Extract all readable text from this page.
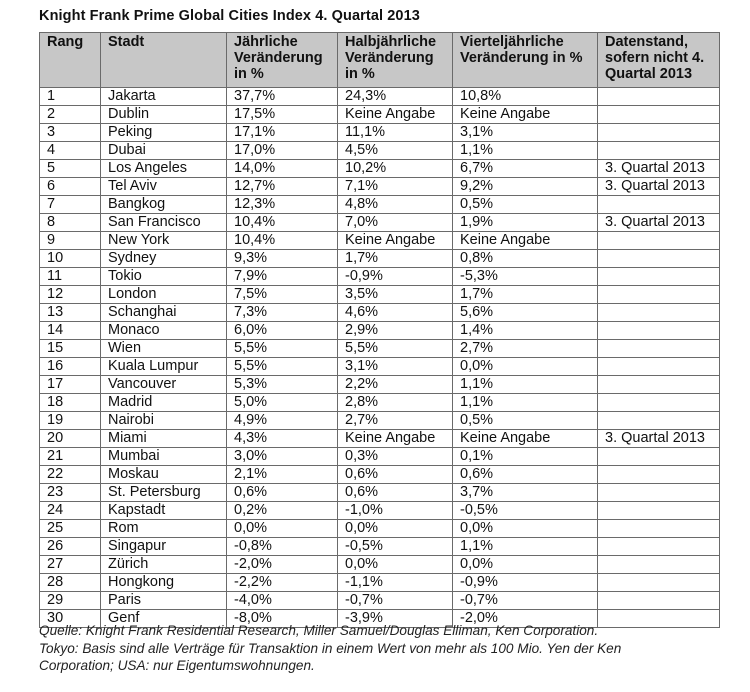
Knight Frank Prime Global Cities Index 4. Quartal 2013
Rang	Stadt	Jährliche Veränderung in %	Halbjährliche Veränderung in %	Vierteljährliche Veränderung in %	Datenstand, sofern nicht 4. Quartal 2013
1	Jakarta	37,7%	24,3%	10,8%	
2	Dublin	17,5%	Keine Angabe	Keine Angabe	
3	Peking	17,1%	11,1%	3,1%	
4	Dubai	17,0%	4,5%	1,1%	
5	Los Angeles	14,0%	10,2%	6,7%	3. Quartal 2013
6	Tel Aviv	12,7%	7,1%	9,2%	3. Quartal 2013
7	Bangkog	12,3%	4,8%	0,5%	
8	San Francisco	10,4%	7,0%	1,9%	3. Quartal 2013
9	New York	10,4%	Keine Angabe	Keine Angabe	
10	Sydney	9,3%	1,7%	0,8%	
11	Tokio	7,9%	-0,9%	-5,3%	
12	London	7,5%	3,5%	1,7%	
13	Schanghai	7,3%	4,6%	5,6%	
14	Monaco	6,0%	2,9%	1,4%	
15	Wien	5,5%	5,5%	2,7%	
16	Kuala Lumpur	5,5%	3,1%	0,0%	
17	Vancouver	5,3%	2,2%	1,1%	
18	Madrid	5,0%	2,8%	1,1%	
19	Nairobi	4,9%	2,7%	0,5%	
20	Miami	4,3%	Keine Angabe	Keine Angabe	3. Quartal 2013
21	Mumbai	3,0%	0,3%	0,1%	
22	Moskau	2,1%	0,6%	0,6%	
23	St. Petersburg	0,6%	0,6%	3,7%	
24	Kapstadt	0,2%	-1,0%	-0,5%	
25	Rom	0,0%	0,0%	0,0%	
26	Singapur	-0,8%	-0,5%	1,1%	
27	Zürich	-2,0%	0,0%	0,0%	
28	Hongkong	-2,2%	-1,1%	-0,9%	
29	Paris	-4,0%	-0,7%	-0,7%	
30	Genf	-8,0%	-3,9%	-2,0%	
Quelle: Knight Frank Residential Research, Miller Samuel/Douglas Elliman, Ken Corporation.
Tokyo: Basis sind alle Verträge für Transaktion in einem Wert von mehr als 100 Mio. Yen der Ken
Corporation; USA: nur Eigentumswohnungen.
